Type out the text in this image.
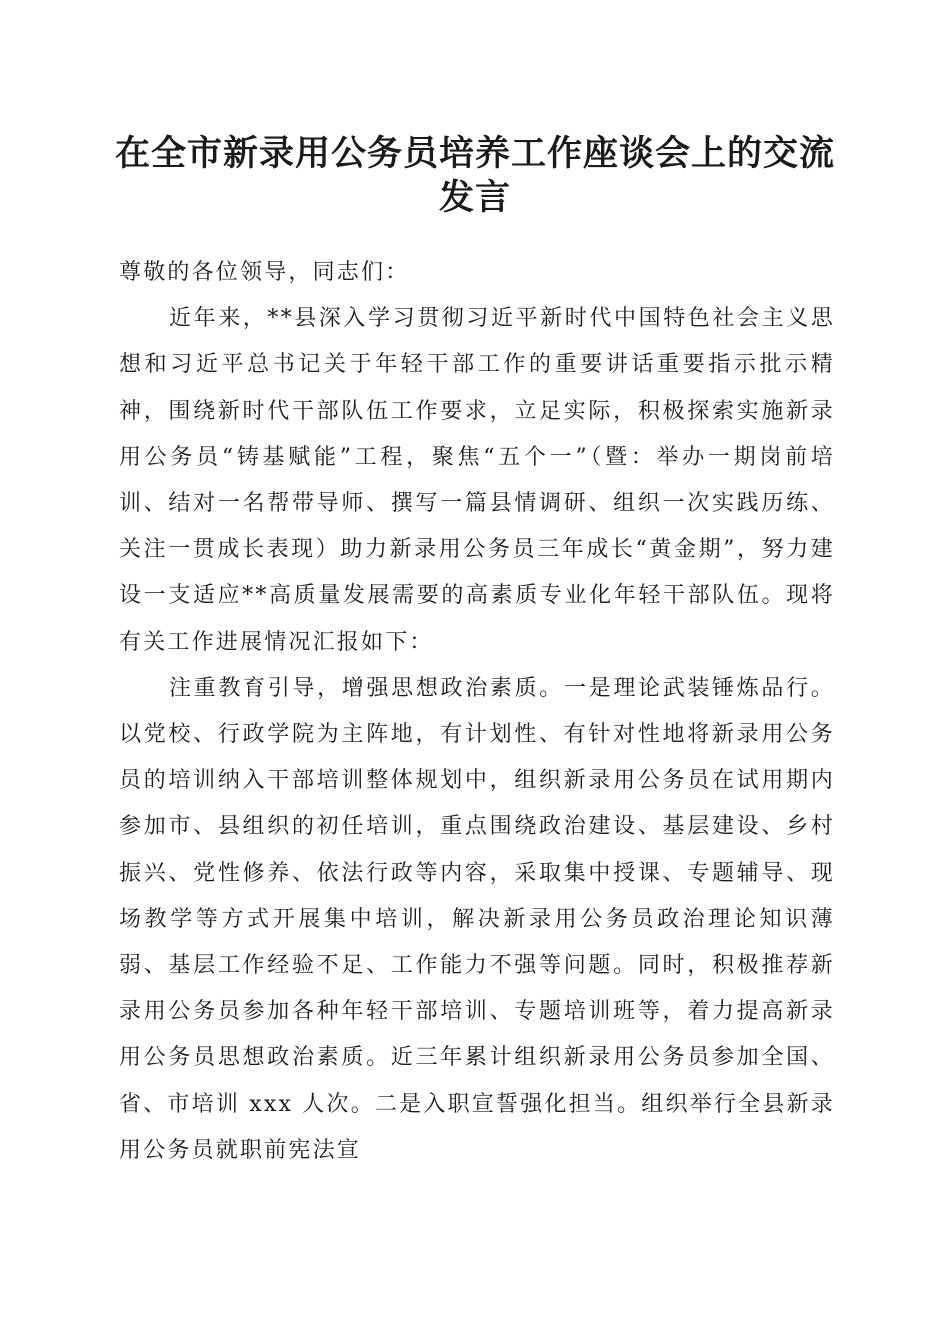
在全市新录用公务员培养工作座谈会上的交流
发言

尊敬的各位领导，同志们：

近年来，**县深入学习贯彻习近平新时代中国特色社会主义思想和习近平总书记关于年轻干部工作的重要讲话重要指示批示精神，围绕新时代干部队伍工作要求，立足实际，积极探索实施新录用公务员“铸基赋能”工程，聚焦“五个一”（暨：举办一期岗前培训、结对一名帮带导师、撰写一篇县情调研、组织一次实践历练、关注一贯成长表现）助力新录用公务员三年成长“黄金期”，努力建设一支适应**高质量发展需要的高素质专业化年轻干部队伍。现将有关工作进展情况汇报如下：

注重教育引导，增强思想政治素质。一是理论武装锤炼品行。以党校、行政学院为主阵地，有计划性、有针对性地将新录用公务员的培训纳入干部培训整体规划中，组织新录用公务员在试用期内参加市、县组织的初任培训，重点围绕政治建设、基层建设、乡村振兴、党性修养、依法行政等内容，采取集中授课、专题辅导、现场教学等方式开展集中培训，解决新录用公务员政治理论知识薄弱、基层工作经验不足、工作能力不强等问题。同时，积极推荐新录用公务员参加各种年轻干部培训、专题培训班等，着力提高新录用公务员思想政治素质。近三年累计组织新录用公务员参加全国、省、市培训 xxx 人次。二是入职宣誓强化担当。组织举行全县新录用公务员就职前宪法宣
